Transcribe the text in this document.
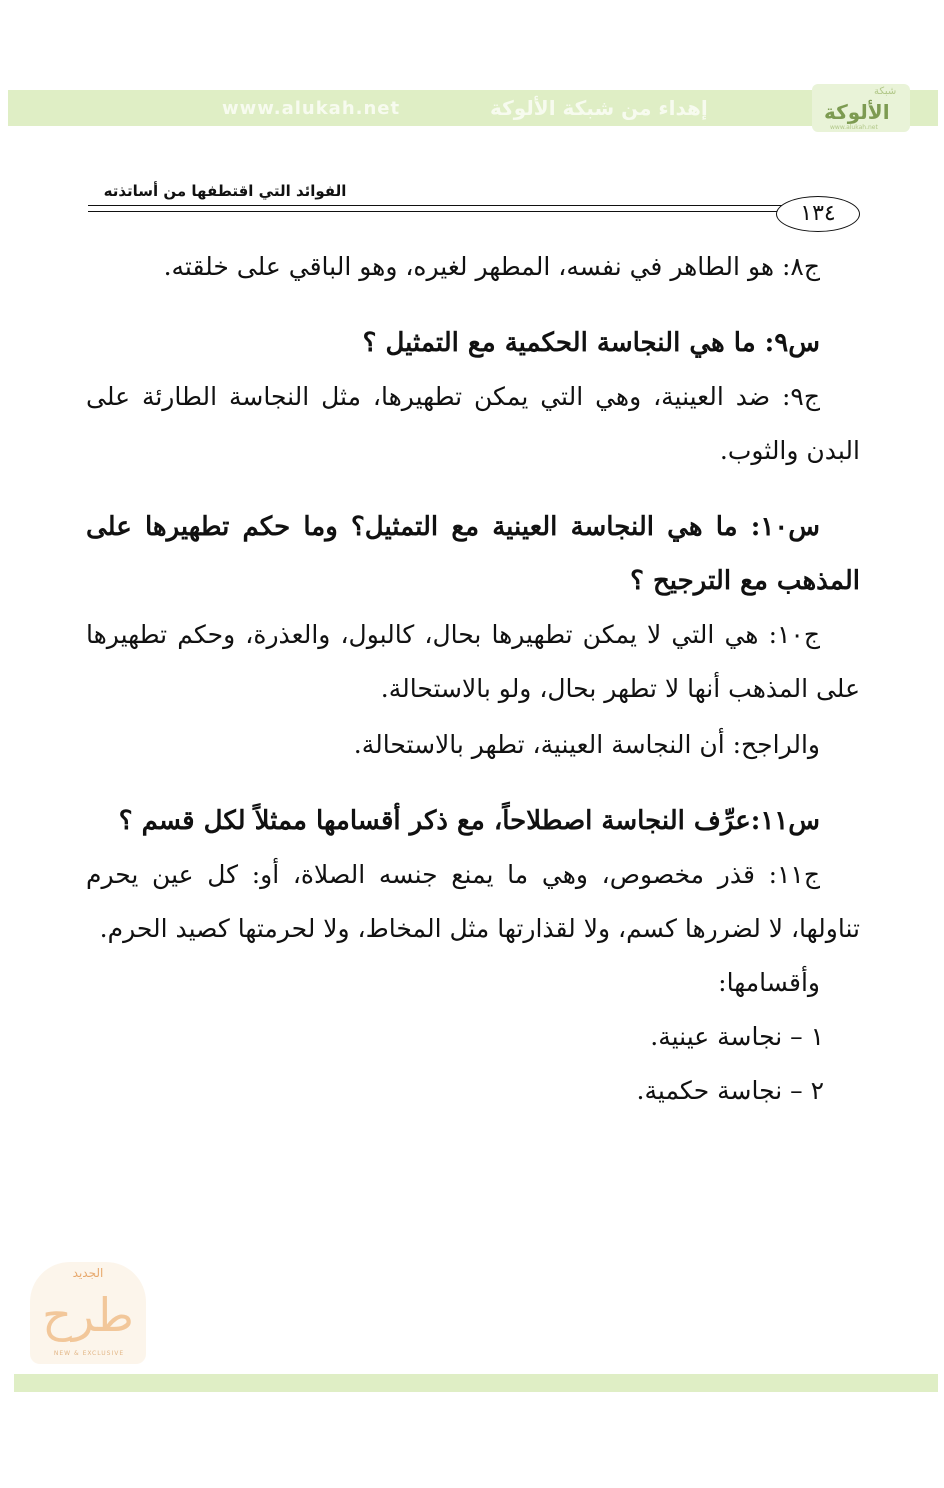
www.alukah.net	إهداء من شبكة الألوكة
شبكة
الألوكة
www.alukah.net
الفوائد التي اقتطفها من أساتذته
١٣٤

ج٨: هو الطاهر في نفسه، المطهر لغيره، وهو الباقي على خلقته.

س٩: ما هي النجاسة الحكمية مع التمثيل ؟

ج٩: ضد العينية، وهي التي يمكن تطهيرها، مثل النجاسة الطارئة على البدن والثوب.

س١٠: ما هي النجاسة العينية مع التمثيل؟ وما حكم تطهيرها على المذهب مع الترجيح ؟

ج١٠: هي التي لا يمكن تطهيرها بحال، كالبول، والعذرة، وحكم تطهيرها على المذهب أنها لا تطهر بحال، ولو بالاستحالة.

والراجح: أن النجاسة العينية، تطهر بالاستحالة.

س١١:عرِّف النجاسة اصطلاحاً، مع ذكر أقسامها ممثلاً لكل قسم ؟

ج١١: قذر مخصوص، وهي ما يمنع جنسه الصلاة، أو: كل عين يحرم تناولها، لا لضررها كسم، ولا لقذارتها مثل المخاط، ولا لحرمتها كصيد الحرم.

وأقسامها:

١ – نجاسة عينية.

٢ – نجاسة حكمية.

الجديد
طرح
NEW & EXCLUSIVE
